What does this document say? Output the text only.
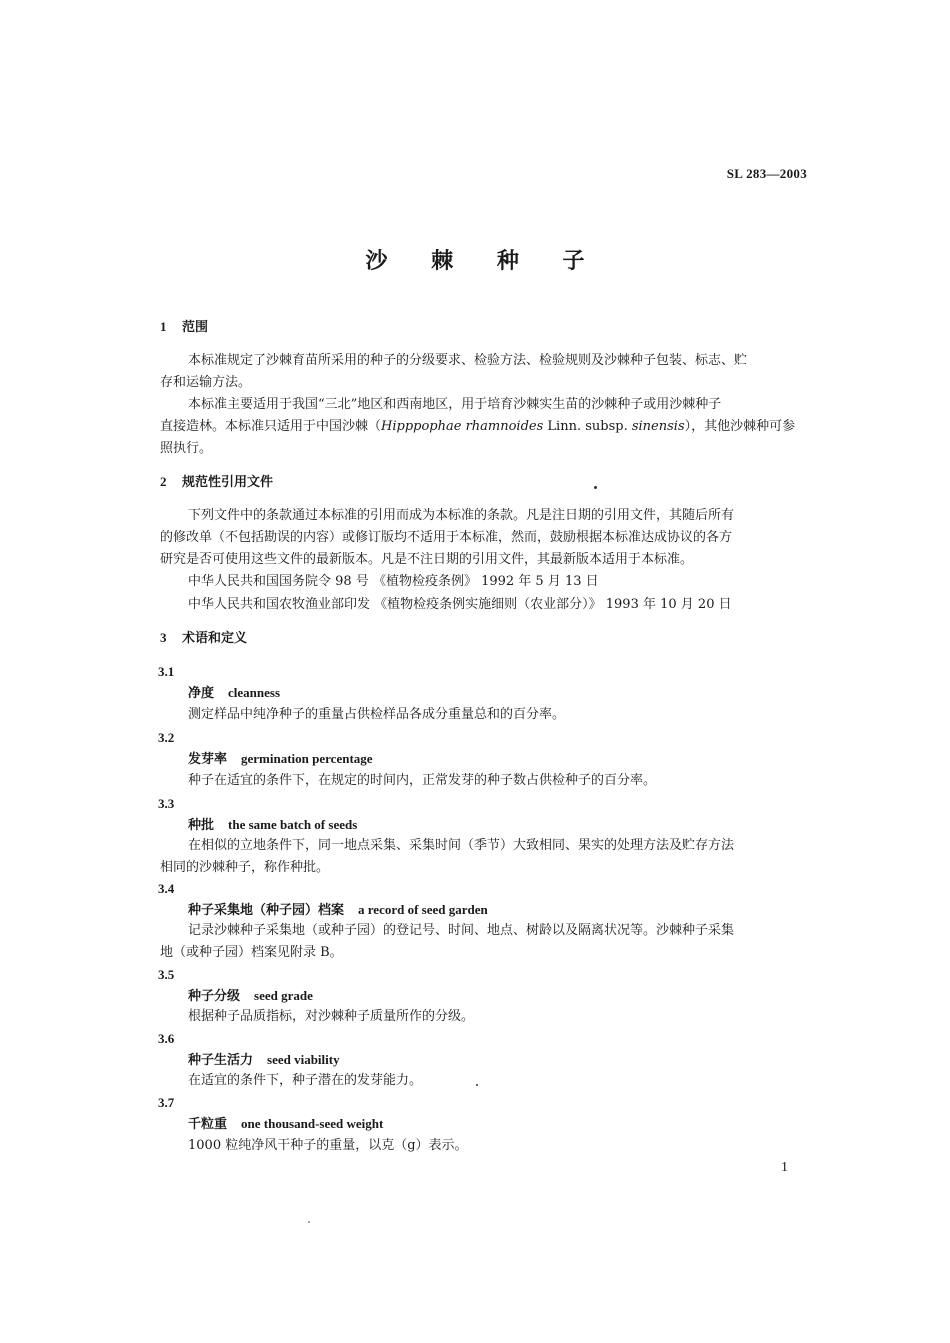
SL 283—2003
沙 棘 种 子
1 范围
本标准规定了沙棘育苗所采用的种子的分级要求、检验方法、检验规则及沙棘种子包装、标志、贮
存和运输方法。
本标准主要适用于我国“三北”地区和西南地区，用于培育沙棘实生苗的沙棘种子或用沙棘种子
直接造林。本标准只适用于中国沙棘（Hipppophae rhamnoides Linn. subsp. sinensis），其他沙棘种可参
照执行。
2 规范性引用文件
下列文件中的条款通过本标准的引用而成为本标准的条款。凡是注日期的引用文件，其随后所有
的修改单（不包括勘误的内容）或修订版均不适用于本标准，然而，鼓励根据本标准达成协议的各方
研究是否可使用这些文件的最新版本。凡是不注日期的引用文件，其最新版本适用于本标准。
中华人民共和国国务院令 98 号 《植物检疫条例》 1992 年 5 月 13 日
中华人民共和国农牧渔业部印发 《植物检疫条例实施细则（农业部分）》 1993 年 10 月 20 日
3 术语和定义
3.1
净度 cleanness
测定样品中纯净种子的重量占供检样品各成分重量总和的百分率。
3.2
发芽率 germination percentage
种子在适宜的条件下，在规定的时间内，正常发芽的种子数占供检种子的百分率。
3.3
种批 the same batch of seeds
在相似的立地条件下，同一地点采集、采集时间（季节）大致相同、果实的处理方法及贮存方法
相同的沙棘种子，称作种批。
3.4
种子采集地（种子园）档案 a record of seed garden
记录沙棘种子采集地（或种子园）的登记号、时间、地点、树龄以及隔离状况等。沙棘种子采集
地（或种子园）档案见附录 B。
3.5
种子分级 seed grade
根据种子品质指标，对沙棘种子质量所作的分级。
3.6
种子生活力 seed viability
在适宜的条件下，种子潜在的发芽能力。
3.7
千粒重 one thousand-seed weight
1000 粒纯净风干种子的重量，以克（g）表示。
1
